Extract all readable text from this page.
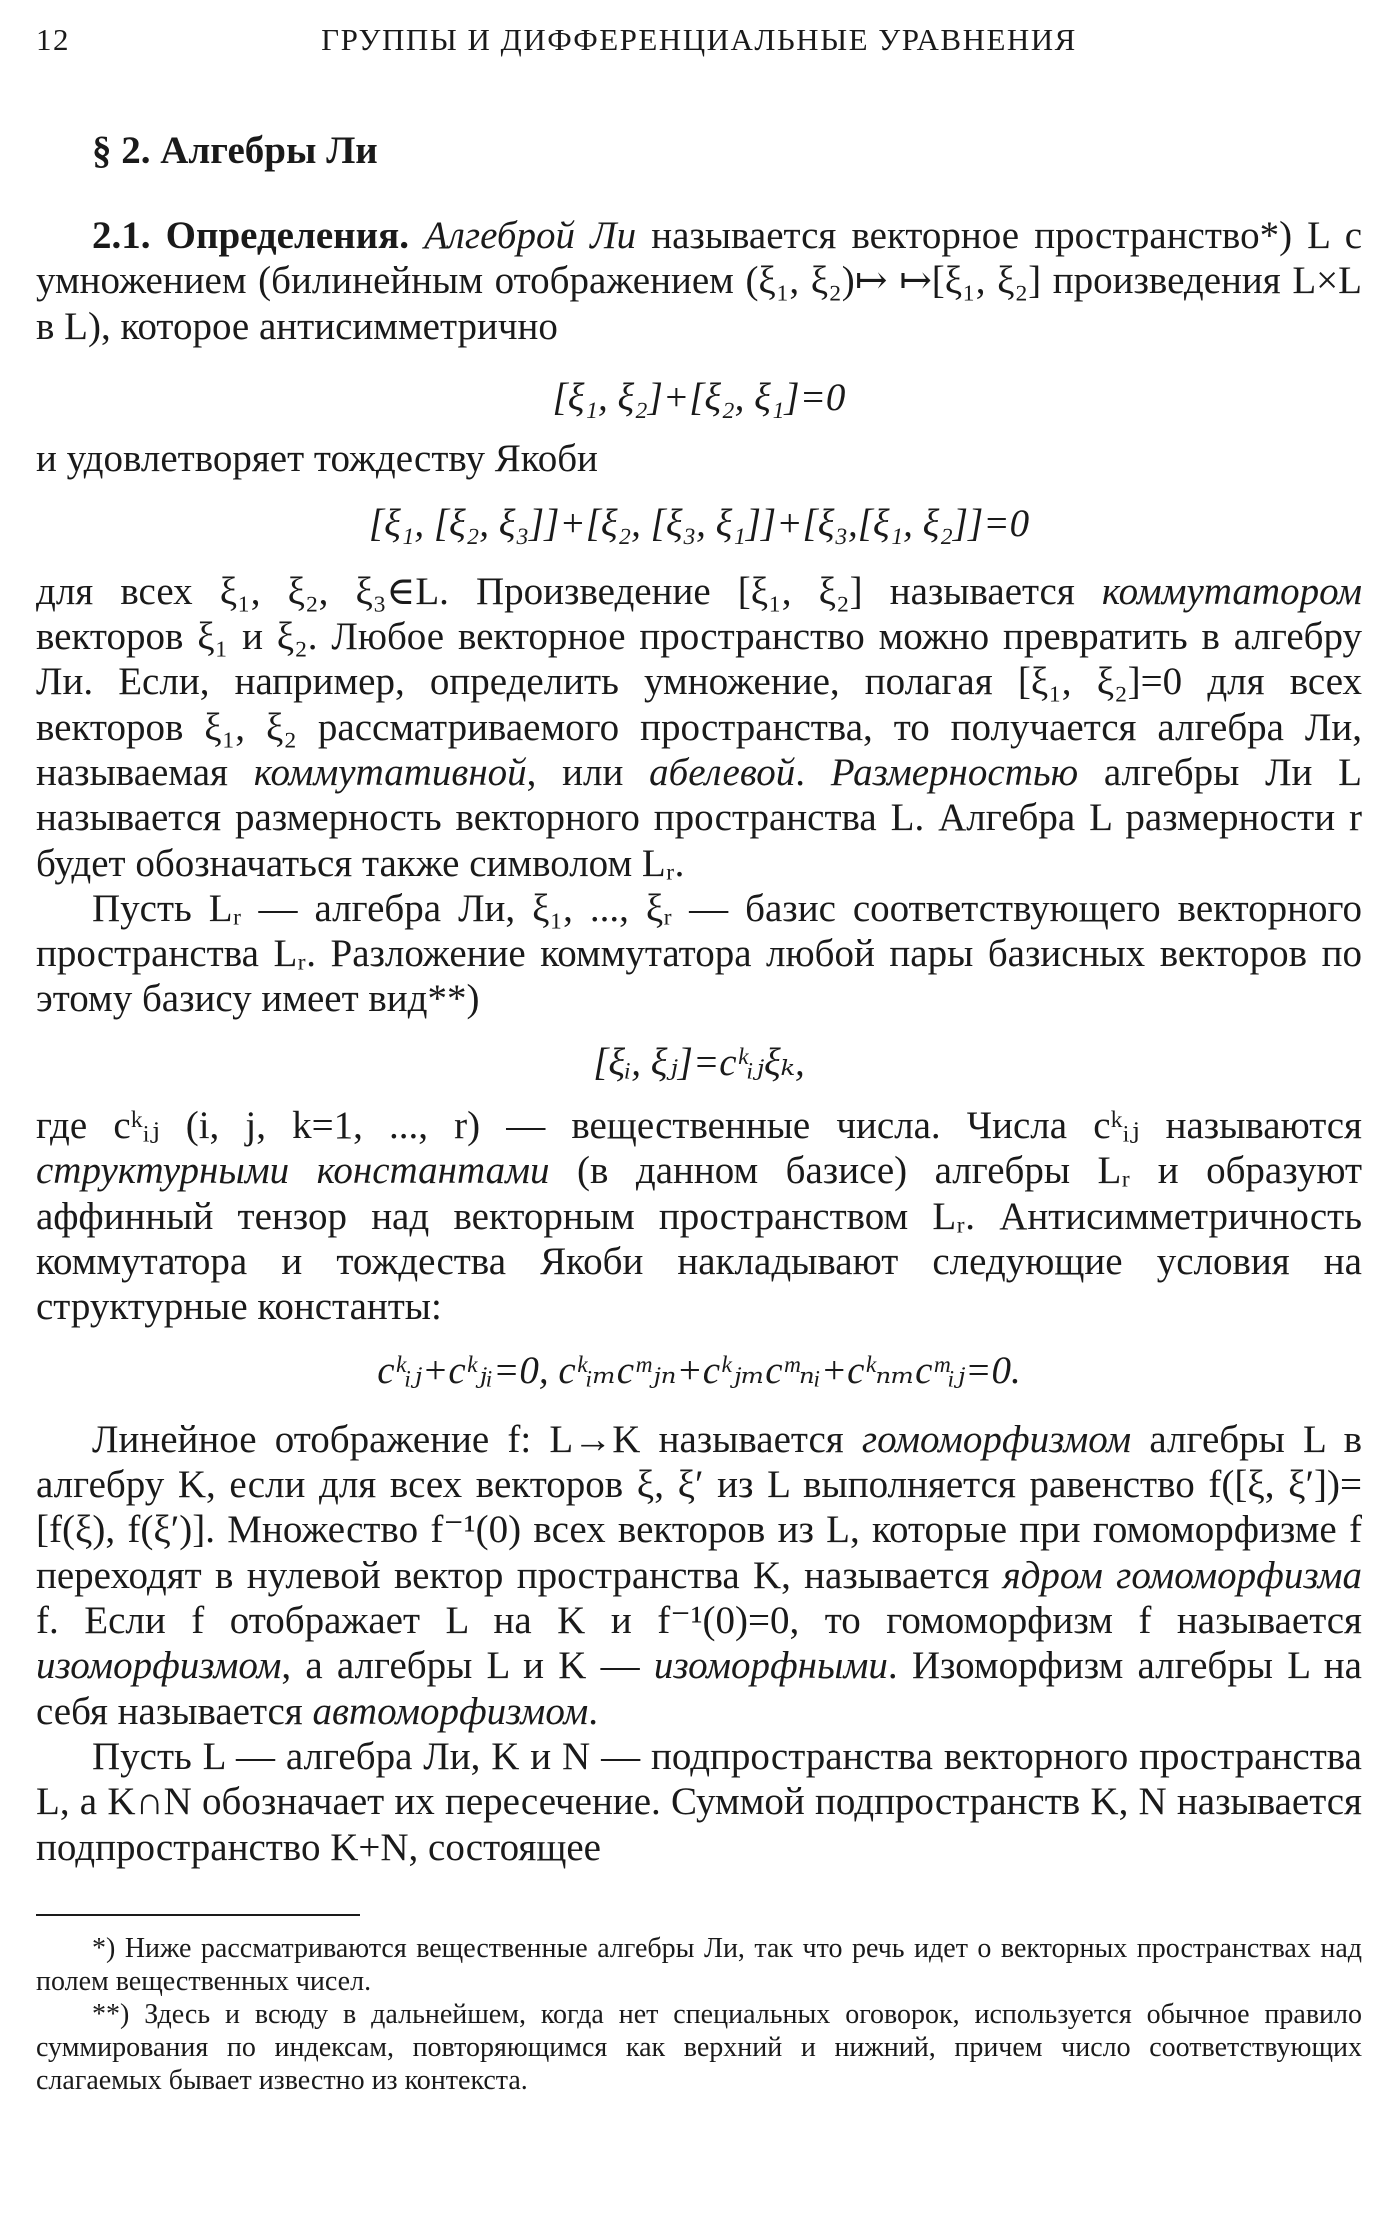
12	ГРУППЫ И ДИФФЕРЕНЦИАЛЬНЫЕ УРАВНЕНИЯ
§ 2. Алгебры Ли

2.1. Определения. Алгеброй Ли называется векторное пространство*) L с умножением (билинейным отображением (ξ₁, ξ₂)↦ ↦[ξ₁, ξ₂] произведения L×L в L), которое антисимметрично

[ξ₁, ξ₂]+[ξ₂, ξ₁]=0

и удовлетворяет тождеству Якоби

[ξ₁, [ξ₂, ξ₃]]+[ξ₂, [ξ₃, ξ₁]]+[ξ₃,[ξ₁, ξ₂]]=0

для всех ξ₁, ξ₂, ξ₃∈L. Произведение [ξ₁, ξ₂] называется коммутатором векторов ξ₁ и ξ₂. Любое векторное пространство можно превратить в алгебру Ли. Если, например, определить умножение, полагая [ξ₁, ξ₂]=0 для всех векторов ξ₁, ξ₂ рассматриваемого пространства, то получается алгебра Ли, называемая коммутативной, или абелевой. Размерностью алгебры Ли L называется размерность векторного пространства L. Алгебра L размерности r будет обозначаться также символом Lᵣ.

Пусть Lᵣ — алгебра Ли, ξ₁, ..., ξᵣ — базис соответствующего векторного пространства Lᵣ. Разложение коммутатора любой пары базисных векторов по этому базису имеет вид**)

[ξᵢ, ξⱼ]=cᵏᵢⱼξₖ,

где cᵏᵢⱼ (i, j, k=1, ..., r) — вещественные числа. Числа cᵏᵢⱼ называются структурными константами (в данном базисе) алгебры Lᵣ и образуют аффинный тензор над векторным пространством Lᵣ. Антисимметричность коммутатора и тождества Якоби накладывают следующие условия на структурные константы:

cᵏᵢⱼ+cᵏⱼᵢ=0, cᵏᵢₘcᵐⱼₙ+cᵏⱼₘcᵐₙᵢ+cᵏₙₘcᵐᵢⱼ=0.

Линейное отображение f: L→K называется гомоморфизмом алгебры L в алгебру K, если для всех векторов ξ, ξ′ из L выполняется равенство f([ξ, ξ′])=[f(ξ), f(ξ′)]. Множество f⁻¹(0) всех векторов из L, которые при гомоморфизме f переходят в нулевой вектор пространства K, называется ядром гомоморфизма f. Если f отображает L на K и f⁻¹(0)=0, то гомоморфизм f называется изоморфизмом, а алгебры L и K — изоморфными. Изоморфизм алгебры L на себя называется автоморфизмом.

Пусть L — алгебра Ли, K и N — подпространства векторного пространства L, а K∩N обозначает их пересечение. Суммой подпространств K, N называется подпространство K+N, состоящее

*) Ниже рассматриваются вещественные алгебры Ли, так что речь идет о векторных пространствах над полем вещественных чисел.

**) Здесь и всюду в дальнейшем, когда нет специальных оговорок, используется обычное правило суммирования по индексам, повторяющимся как верхний и нижний, причем число соответствующих слагаемых бывает известно из контекста.
